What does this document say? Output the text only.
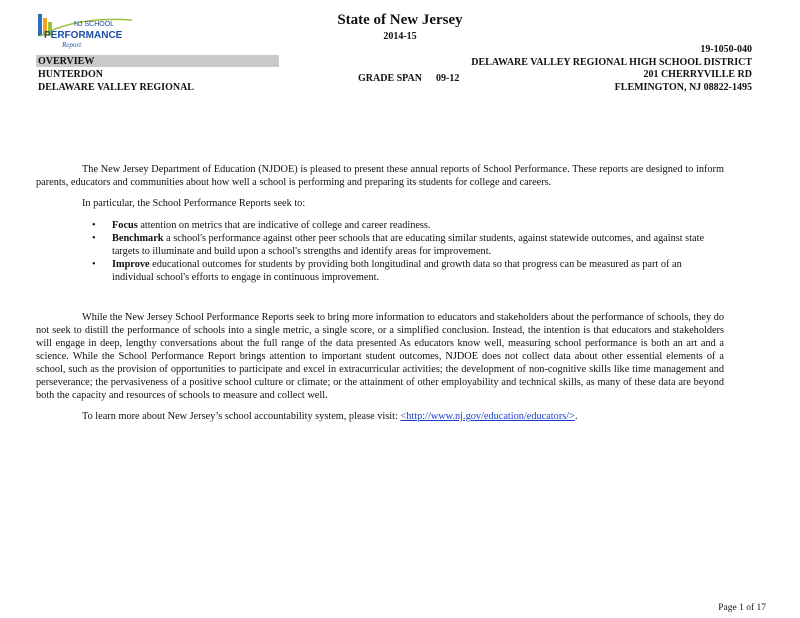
NJ SCHOOL
PERFORMANCE
Report
State of New Jersey
2014-15
OVERVIEW
HUNTERDON
DELAWARE VALLEY REGIONAL
GRADE SPAN 09-12
19-1050-040
DELAWARE VALLEY REGIONAL HIGH SCHOOL DISTRICT
201 CHERRYVILLE RD
FLEMINGTON, NJ 08822-1495

The New Jersey Department of Education (NJDOE) is pleased to present these annual reports of School Performance. These reports are designed to inform parents, educators and communities about how well a school is performing and preparing its students for college and careers.

In particular, the School Performance Reports seek to:

• Focus attention on metrics that are indicative of college and career readiness.
• Benchmark a school's performance against other peer schools that are educating similar students, against statewide outcomes, and against state targets to illuminate and build upon a school's strengths and identify areas for improvement.
• Improve educational outcomes for students by providing both longitudinal and growth data so that progress can be measured as part of an individual school's efforts to engage in continuous improvement.

While the New Jersey School Performance Reports seek to bring more information to educators and stakeholders about the performance of schools, they do not seek to distill the performance of schools into a single metric, a single score, or a simplified conclusion. Instead, the intention is that educators and stakeholders will engage in deep, lengthy conversations about the full range of the data presented As educators know well, measuring school performance is both an art and a science. While the School Performance Report brings attention to important student outcomes, NJDOE does not collect data about other essential elements of a school, such as the provision of opportunities to participate and excel in extracurricular activities; the development of non-cognitive skills like time management and perseverance; the pervasiveness of a positive school culture or climate; or the attainment of other employability and technical skills, as many of these data are beyond both the capacity and resources of schools to measure and collect well.

To learn more about New Jersey’s school accountability system, please visit: <http://www.nj.gov/education/educators/>.

Page 1 of 17
